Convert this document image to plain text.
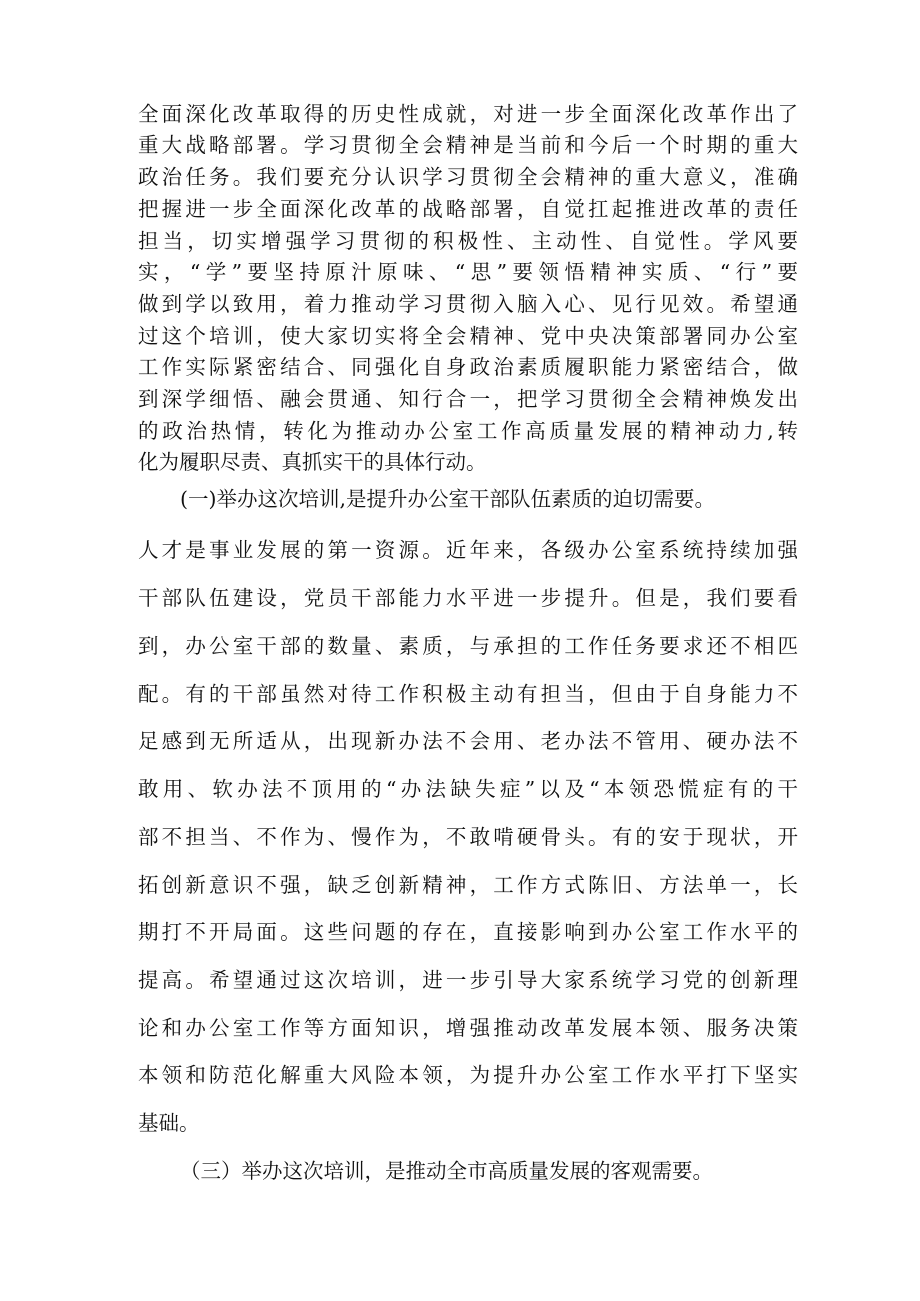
全面深化改革取得的历史性成就，对进一步全面深化改革作出了
重大战略部署。学习贯彻全会精神是当前和今后一个时期的重大
政治任务。我们要充分认识学习贯彻全会精神的重大意义，准确
把握进一步全面深化改革的战略部署，自觉扛起推进改革的责任
担当，切实增强学习贯彻的积极性、主动性、自觉性。学风要
实，“学”要坚持原汁原味、“思”要领悟精神实质、“行”要
做到学以致用，着力推动学习贯彻入脑入心、见行见效。希望通
过这个培训，使大家切实将全会精神、党中央决策部署同办公室
工作实际紧密结合、同强化自身政治素质履职能力紧密结合，做
到深学细悟、融会贯通、知行合一，把学习贯彻全会精神焕发出
的政治热情，转化为推动办公室工作高质量发展的精神动力,转
化为履职尽责、真抓实干的具体行动。
(一)举办这次培训,是提升办公室干部队伍素质的迫切需要。
人才是事业发展的第一资源。近年来，各级办公室系统持续加强
干部队伍建设，党员干部能力水平进一步提升。但是，我们要看
到，办公室干部的数量、素质，与承担的工作任务要求还不相匹
配。有的干部虽然对待工作积极主动有担当，但由于自身能力不
足感到无所适从，出现新办法不会用、老办法不管用、硬办法不
敢用、软办法不顶用的“办法缺失症”以及“本领恐慌症有的干
部不担当、不作为、慢作为，不敢啃硬骨头。有的安于现状，开
拓创新意识不强，缺乏创新精神，工作方式陈旧、方法单一，长
期打不开局面。这些问题的存在，直接影响到办公室工作水平的
提高。希望通过这次培训，进一步引导大家系统学习党的创新理
论和办公室工作等方面知识，增强推动改革发展本领、服务决策
本领和防范化解重大风险本领，为提升办公室工作水平打下坚实
基础。
（三）举办这次培训，是推动全市高质量发展的客观需要。
